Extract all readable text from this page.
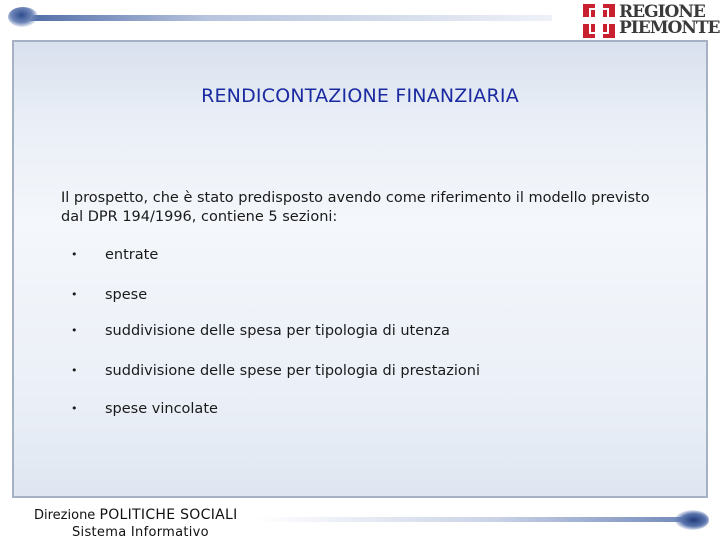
REGIONE
PIEMONTE
RENDICONTAZIONE FINANZIARIA
Il prospetto, che è stato predisposto avendo come riferimento il modello previsto
dal DPR 194/1996, contiene 5 sezioni:
• entrate
• spese
• suddivisione delle spesa per tipologia di utenza
• suddivisione delle spese per tipologia di prestazioni
• spese vincolate
Direzione POLITICHE SOCIALI
Sistema Informativo
